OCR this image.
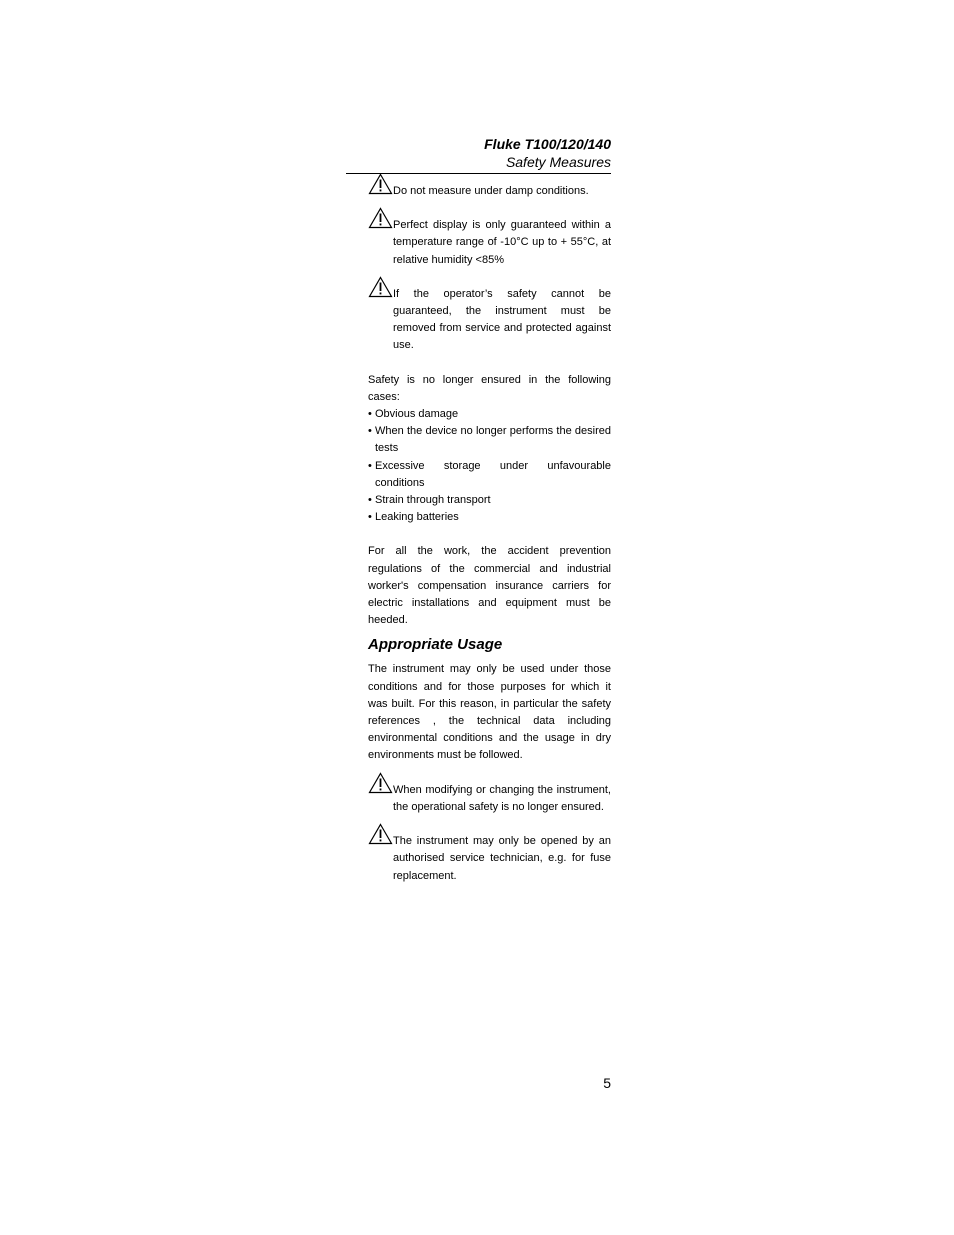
Fluke T100/120/140
Safety Measures

Do not measure under damp conditions.

Perfect display is only guaranteed within a temperature range of -10°C up to + 55°C, at relative humidity <85%

If the operator’s safety cannot be guaranteed, the instrument must be removed from service and protected against use.

Safety is no longer ensured in the following cases:

• Obvious damage
• When the device no longer performs the desired tests
• Excessive storage under unfavourable conditions
• Strain through transport
• Leaking batteries

For all the work, the accident prevention regulations of the commercial and industrial worker's compensation insurance carriers for electric installations and equipment must be heeded.

Appropriate Usage

The instrument may only be used under those conditions and for those purposes for which it was built. For this reason, in particular the safety references , the technical data including environmental conditions and the usage in dry environments must be followed.

When modifying or changing the instrument, the operational safety is no longer ensured.

The instrument may only be opened by an authorised service technician, e.g. for fuse replacement.

5
